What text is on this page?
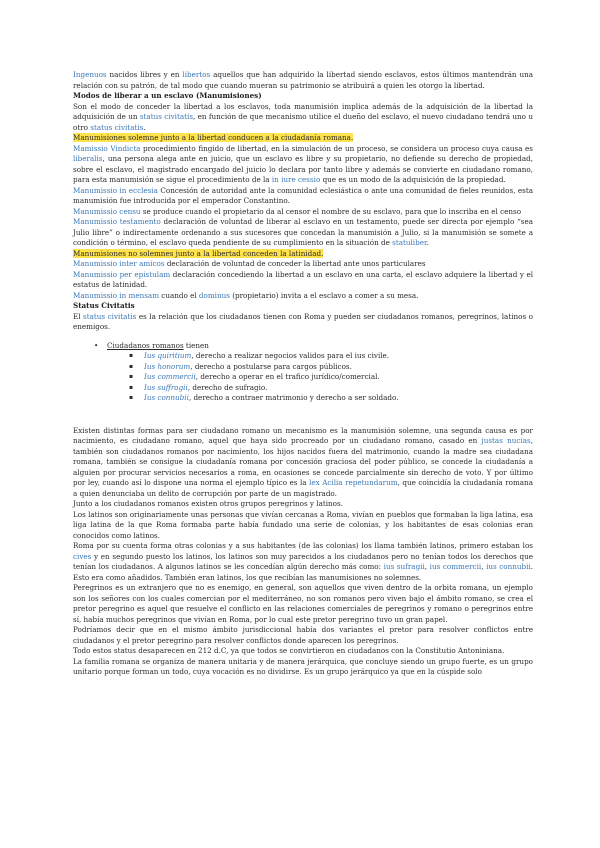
Ingenuos nacidos libres y en libertos aquellos que han adquirido la libertad siendo esclavos, estos últimos mantendrán una relación con su patrón, de tal modo que cuando mueran su patrimonio se atribuirá a quien les otorgo la libertad.

Modos de liberar a un esclavo (Manumisiones)

Son el modo de conceder la libertad a los esclavos, toda manumisión implica además de la adquisición de la libertad la adquisición de un status civitatis, en función de que mecanismo utilice el dueño del esclavo, el nuevo ciudadano tendrá uno u otro status civitatis.

Manumisiones solemne junto a la libertad conducen a la ciudadanía romana.

Mamissio Vindicta procedimiento fingido de libertad, en la simulación de un proceso, se considera un proceso cuya causa es liberalis, una persona alega ante en juicio, que un esclavo es libre y su propietario, no defiende su derecho de propiedad, sobre el esclavo, el magistrado encargado del juicio lo declara por tanto libre y además se convierte en ciudadano romano, para esta manumisión se sigue el procedimiento de la in iure cessio que es un modo de la adquisición de la propiedad.

Manumissio in ecclesia Concesión de autoridad ante la comunidad eclesiástica o ante una comunidad de fieles reunidos, esta manumisión fue introducida por el emperador Constantino.

Manumissio censu se produce cuando el propietario da al censor el nombre de su esclavo, para que lo inscriba en el censo

Manumissio testamento declaración de voluntad de liberar al esclavo en un testamento, puede ser directa por ejemplo “sea Julio libre” o indirectamente ordenando a sus sucesores que concedan la manumisión a Julio, si la manumisión se somete a condición o término, el esclavo queda pendiente de su cumplimiento en la situación de statuliber.

Manumisiones no solemnes junto a la libertad conceden la latinidad.

Manumissio inter amicos declaración de voluntad de conceder la libertad ante unos particulares

Manumissio per epistulam declaración concediendo la libertad a un esclavo en una carta, el esclavo adquiere la libertad y el estatus de latinidad.

Manumissio in mensam cuando el dominus (propietario) invita a el esclavo a comer a su mesa.

Status Civitatis

El status civitatis es la relación que los ciudadanos tienen con Roma y pueden ser ciudadanos romanos, peregrinos, latinos o enemigos.

• Ciudadanos romanos tienen
▪ Ius quiritium, derecho a realizar negocios validos para el ius civile.
▪ Ius honorum, derecho a postularse para cargos públicos.
▪ Ius commercii, derecho a operar en el trafico jurídico/comercial.
▪ Ius suffragii, derecho de sufragio.
▪ Ius connubii, derecho a contraer matrimonio y derecho a ser soldado.

Existen distintas formas para ser ciudadano romano un mecanismo es la manumisión solemne, una segunda causa es por nacimiento, es ciudadano romano, aquel que haya sido procreado por un ciudadano romano, casado en justas nucias, también son ciudadanos romanos por nacimiento, los hijos nacidos fuera del matrimonio, cuando la madre sea ciudadana romana, también se consigue la ciudadanía romana por concesión graciosa del poder público, se concede la ciudadanía a alguien por procurar servicios necesarios a roma, en ocasiones se concede parcialmente sin derecho de voto. Y por último por ley, cuando así lo dispone una norma el ejemplo típico es la lex Acilia repetundarum, que coincidía la ciudadanía romana a quien denunciaba un delito de corrupción por parte de un magistrado.

Junto a los ciudadanos romanos existen otros grupos peregrinos y latinos.

Los latinos son originariamente unas personas que vivían cercanas a Roma, vivían en pueblos que formaban la liga latina, esa liga latina de la que Roma formaba parte había fundado una serie de colonias, y los habitantes de esas colonias eran conocidos como latinos.

Roma por su cuenta forma otras colonias y a sus habitantes (de las colonias) los llama también latinos, primero estaban los cives y en segundo puesto los latinos, los latinos son muy parecidos a los ciudadanos pero no tenían todos los derechos que tenían los ciudadanos. A algunos latinos se les concedían algún derecho más como: ius sufragii, ius commercii, ius connubii. Esto era como añadidos. También eran latinos, los que recibían las manumisiones no solemnes.

Peregrinos es un extranjero que no es enemigo, en general, son aquellos que viven dentro de la orbita romana, un ejemplo son los señores con los cuales comercian por el mediterráneo, no son romanos pero viven bajo el ámbito romano, se crea el pretor peregrino es aquel que resuelve el conflicto en las relaciones comerciales de peregrinos y romano o peregrinos entre sí, había muchos peregrinos que vivían en Roma, por lo cual este pretor peregrino tuvo un gran papel.

Podríamos decir que en el mismo ámbito jurisdiccional había dos variantes el pretor para resolver conflictos entre ciudadanos y el pretor peregrino para resolver conflictos donde aparecen los peregrinos.

Todo estos status desaparecen en 212 d.C, ya que todos se convirtieron en ciudadanos con la Constitutio Antoniniana.

La familia romana se organiza de manera unitaria y de manera jerárquica, que concluye siendo un grupo fuerte, es un grupo unitario porque forman un todo, cuya vocación es no dividirse. Es un grupo jerárquico ya que en la cúspide solo
